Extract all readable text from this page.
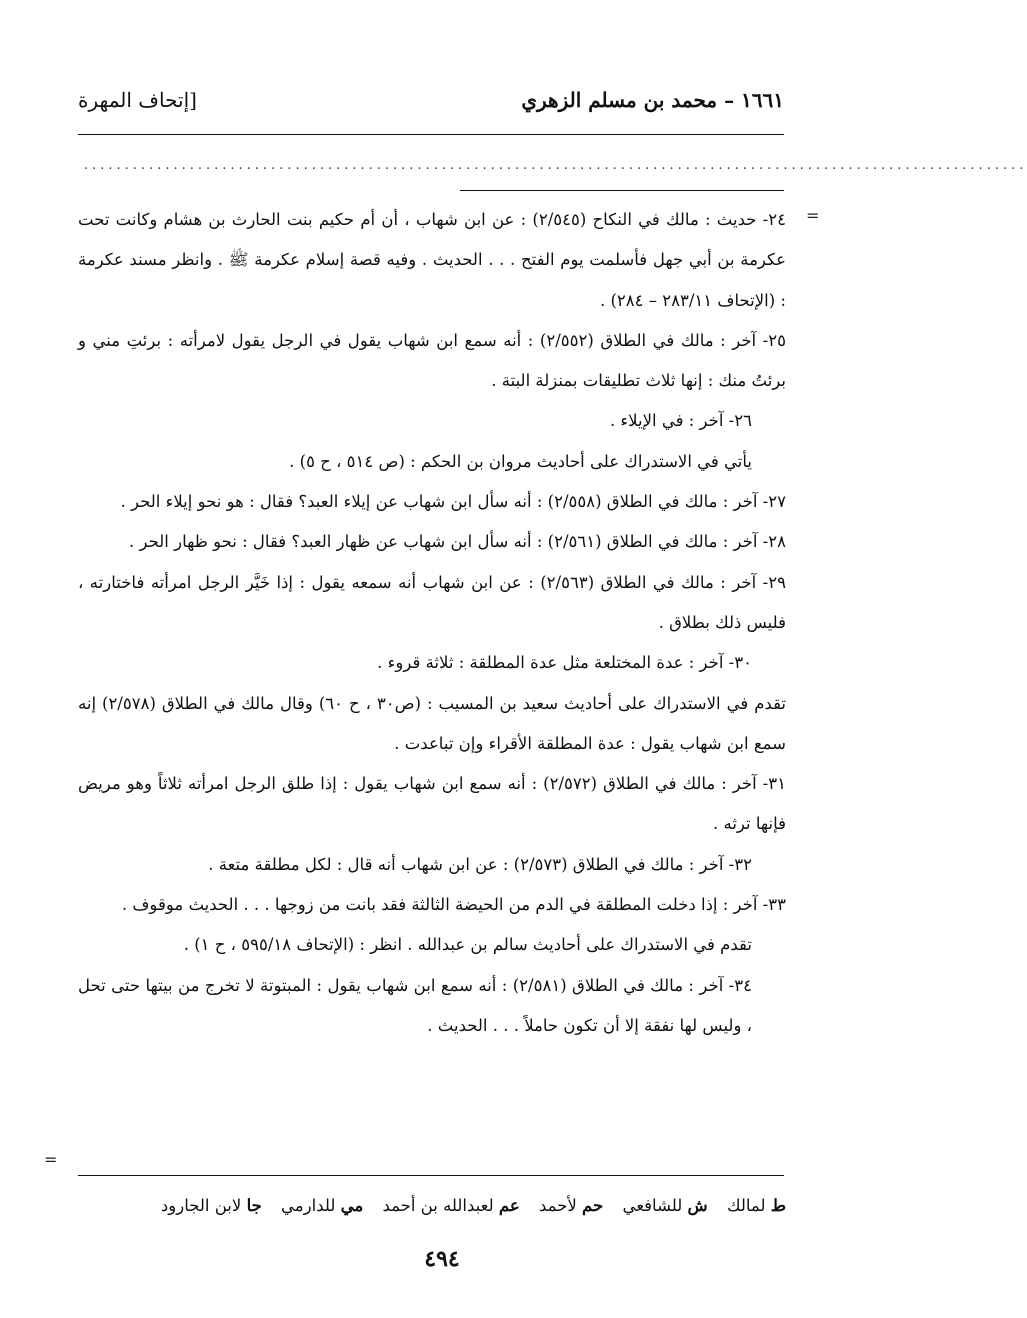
١٦٦١ – محمد بن مسلم الزهري
[إتحاف المهرة
....................................................................................................................
=
=

٢٤- حديث : مالك في النكاح (٢/٥٤٥) : عن ابن شهاب ، أن أم حكيم بنت الحارث بن هشام وكانت تحت عكرمة بن أبي جهل فأسلمت يوم الفتح . . . الحديث . وفيه قصة إسلام عكرمة ﷺ . وانظر مسند عكرمة : (الإتحاف ٢٨٣/١١ – ٢٨٤) .

٢٥- آخر : مالك في الطلاق (٢/٥٥٢) : أنه سمع ابن شهاب يقول في الرجل يقول لامرأته : برئتِ مني و برئتُ منك : إنها ثلاث تطليقات بمنزلة البتة .

٢٦- آخر : في الإيلاء .

يأتي في الاستدراك على أحاديث مروان بن الحكم : (ص ٥١٤ ، ح ٥) .

٢٧- آخر : مالك في الطلاق (٢/٥٥٨) : أنه سأل ابن شهاب عن إيلاء العبد؟ فقال : هو نحو إيلاء الحر .

٢٨- آخر : مالك في الطلاق (٢/٥٦١) : أنه سأل ابن شهاب عن ظهار العبد؟ فقال : نحو ظهار الحر .

٢٩- آخر : مالك في الطلاق (٢/٥٦٣) : عن ابن شهاب أنه سمعه يقول : إذا خَيَّر الرجل امرأته فاختارته ، فليس ذلك بطلاق .

٣٠- آخر : عدة المختلعة مثل عدة المطلقة : ثلاثة قروء .

تقدم في الاستدراك على أحاديث سعيد بن المسيب : (ص٣٠ ، ح ٦٠) وقال مالك في الطلاق (٢/٥٧٨) إنه سمع ابن شهاب يقول : عدة المطلقة الأقراء وإن تباعدت .

٣١- آخر : مالك في الطلاق (٢/٥٧٢) : أنه سمع ابن شهاب يقول : إذا طلق الرجل امرأته ثلاثاً وهو مريض فإنها ترثه .

٣٢- آخر : مالك في الطلاق (٢/٥٧٣) : عن ابن شهاب أنه قال : لكل مطلقة متعة .

٣٣- آخر : إذا دخلت المطلقة في الدم من الحيضة الثالثة فقد بانت من زوجها . . . الحديث موقوف .

تقدم في الاستدراك على أحاديث سالم بن عبدالله . انظر : (الإتحاف ٥٩٥/١٨ ، ح ١) .

٣٤- آخر : مالك في الطلاق (٢/٥٨١) : أنه سمع ابن شهاب يقول : المبتوتة لا تخرج من بيتها حتى تحل ، وليس لها نفقة إلا أن تكون حاملاً . . . الحديث .

ط لمالك ش للشافعي حم لأحمد عم لعبدالله بن أحمد مي للدارمي جا لابن الجارود
٤٩٤
